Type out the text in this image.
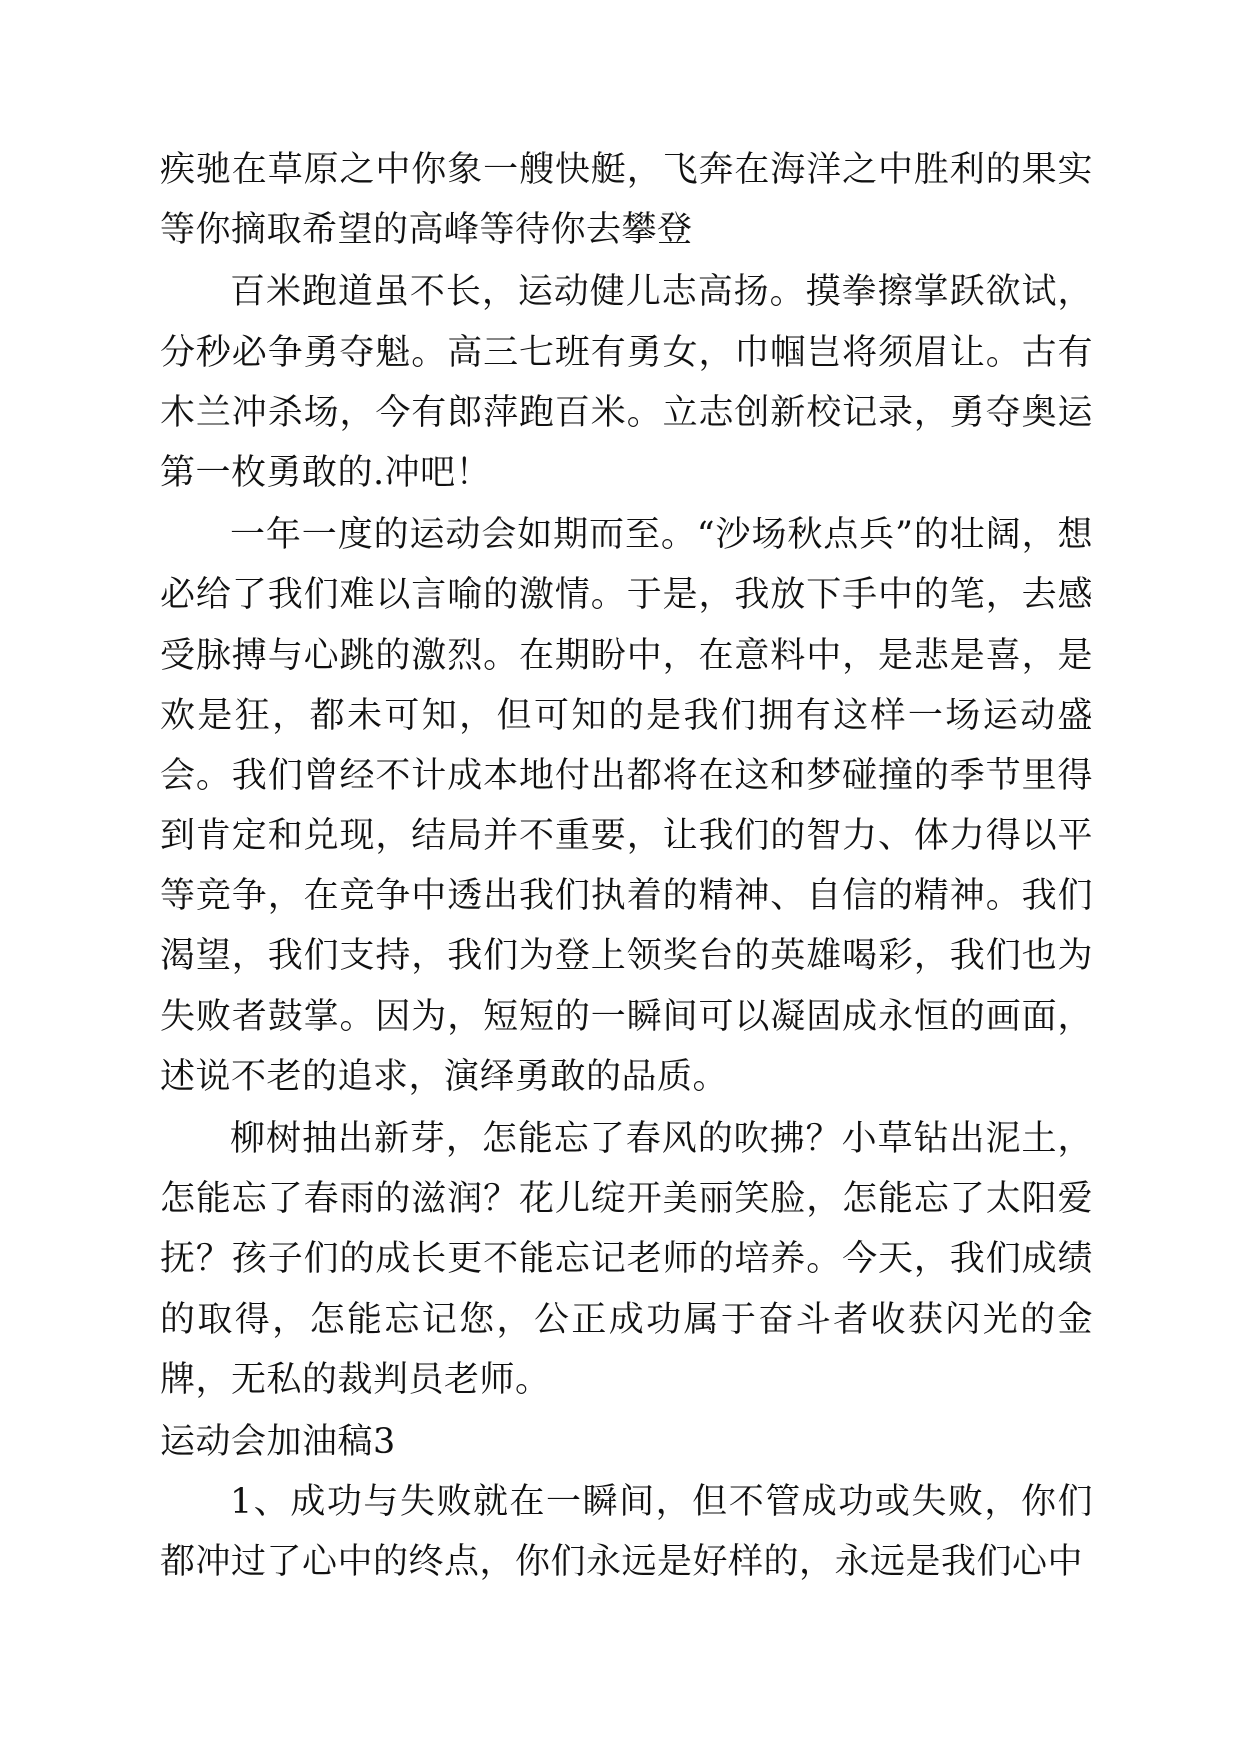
疾驰在草原之中你象一艘快艇，飞奔在海洋之中胜利的果实等你摘取希望的高峰等待你去攀登

百米跑道虽不长，运动健儿志高扬。摸拳擦掌跃欲试，分秒必争勇夺魁。高三七班有勇女，巾帼岂将须眉让。古有木兰冲杀场，今有郎萍跑百米。立志创新校记录，勇夺奥运第一枚勇敢的.冲吧！

一年一度的运动会如期而至。“沙场秋点兵”的壮阔，想必给了我们难以言喻的激情。于是，我放下手中的笔，去感受脉搏与心跳的激烈。在期盼中，在意料中，是悲是喜，是欢是狂，都未可知，但可知的是我们拥有这样一场运动盛会。我们曾经不计成本地付出都将在这和梦碰撞的季节里得到肯定和兑现，结局并不重要，让我们的智力、体力得以平等竞争，在竞争中透出我们执着的精神、自信的精神。我们渴望，我们支持，我们为登上领奖台的英雄喝彩，我们也为失败者鼓掌。因为，短短的一瞬间可以凝固成永恒的画面，述说不老的追求，演绎勇敢的品质。

柳树抽出新芽，怎能忘了春风的吹拂？小草钻出泥土，怎能忘了春雨的滋润？花儿绽开美丽笑脸，怎能忘了太阳爱抚？孩子们的成长更不能忘记老师的培养。今天，我们成绩的取得，怎能忘记您，公正成功属于奋斗者收获闪光的金牌，无私的裁判员老师。

运动会加油稿3

1、成功与失败就在一瞬间，但不管成功或失败，你们都冲过了心中的终点，你们永远是好样的，永远是我们心中
